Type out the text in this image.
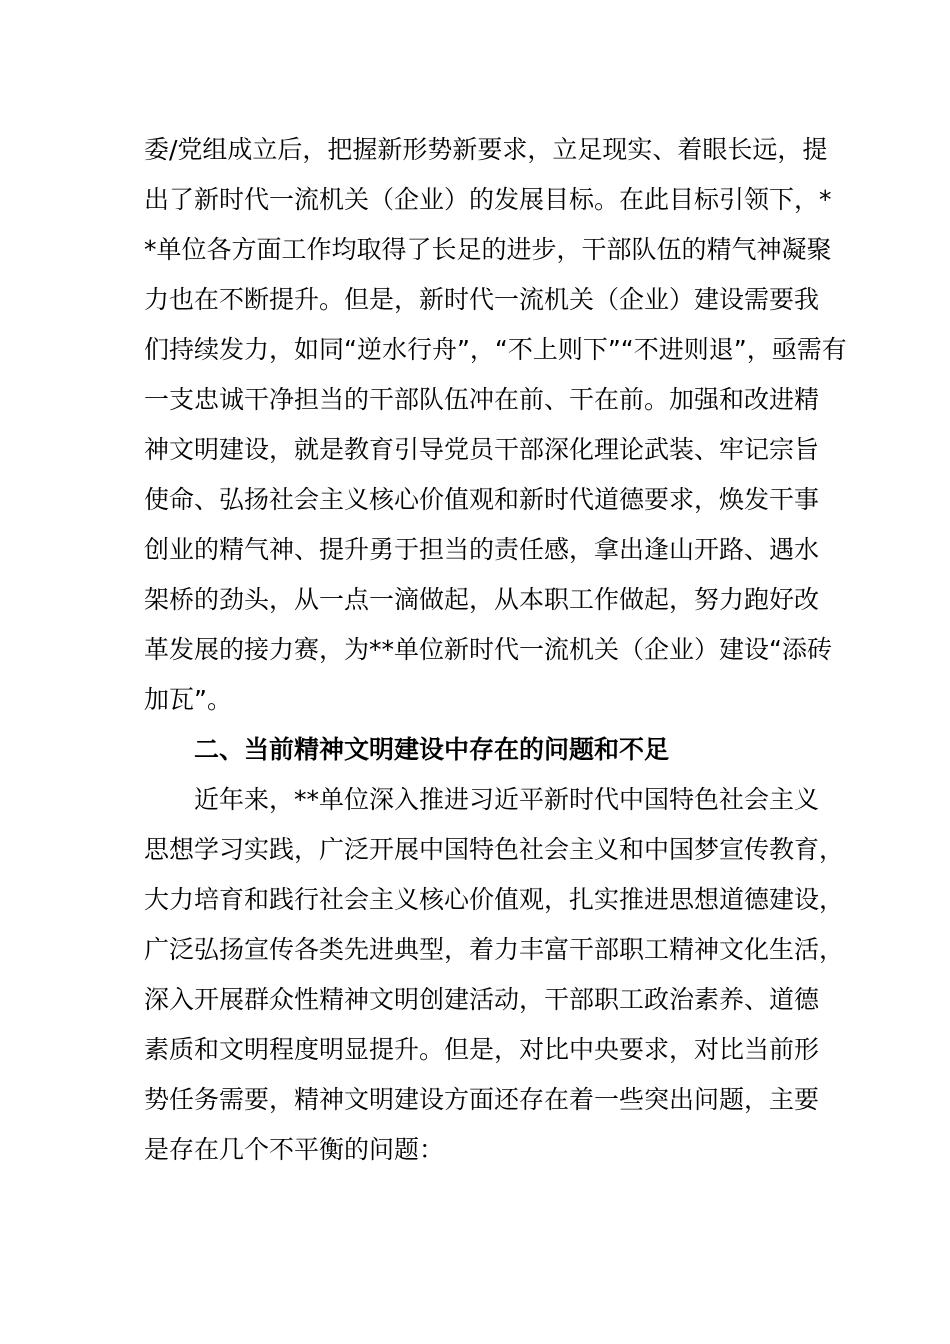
委/党组成立后，把握新形势新要求，立足现实、着眼长远，提
出了新时代一流机关（企业）的发展目标。在此目标引领下，*
*单位各方面工作均取得了长足的进步，干部队伍的精气神凝聚
力也在不断提升。但是，新时代一流机关（企业）建设需要我
们持续发力，如同“逆水行舟”，“不上则下”“不进则退”，亟需有
一支忠诚干净担当的干部队伍冲在前、干在前。加强和改进精
神文明建设，就是教育引导党员干部深化理论武装、牢记宗旨
使命、弘扬社会主义核心价值观和新时代道德要求，焕发干事
创业的精气神、提升勇于担当的责任感，拿出逢山开路、遇水
架桥的劲头，从一点一滴做起，从本职工作做起，努力跑好改
革发展的接力赛，为**单位新时代一流机关（企业）建设“添砖
加瓦”。
二、当前精神文明建设中存在的问题和不足
近年来，**单位深入推进习近平新时代中国特色社会主义
思想学习实践，广泛开展中国特色社会主义和中国梦宣传教育，
大力培育和践行社会主义核心价值观，扎实推进思想道德建设，
广泛弘扬宣传各类先进典型，着力丰富干部职工精神文化生活，
深入开展群众性精神文明创建活动，干部职工政治素养、道德
素质和文明程度明显提升。但是，对比中央要求，对比当前形
势任务需要，精神文明建设方面还存在着一些突出问题，主要
是存在几个不平衡的问题：
